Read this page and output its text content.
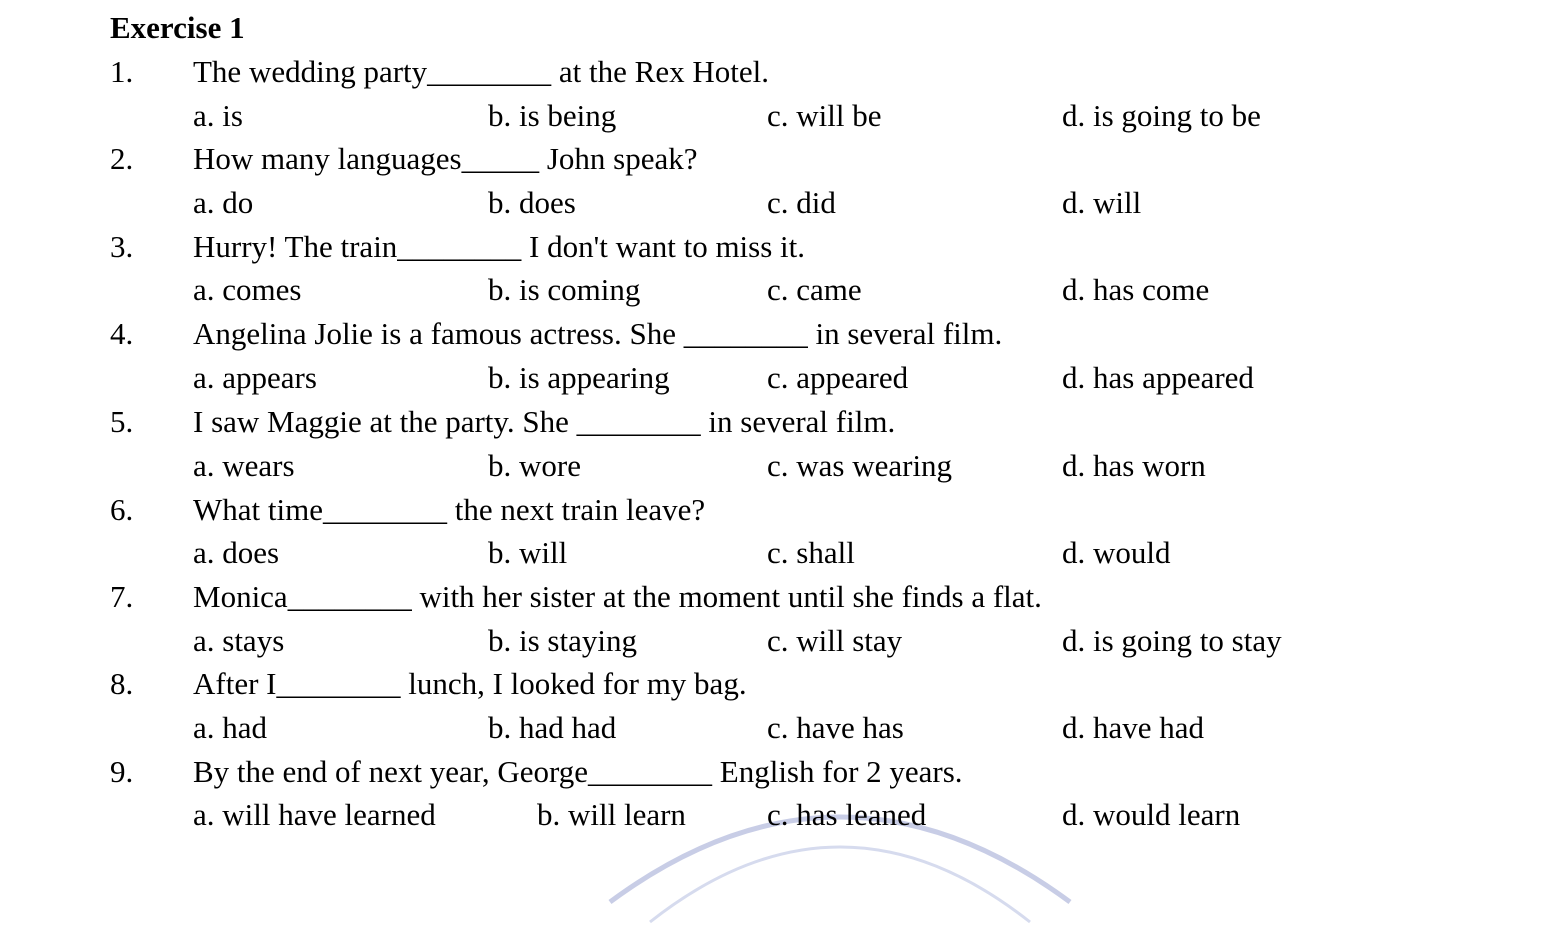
Exercise 1
1. The wedding party________ at the Rex Hotel.
a. is	b. is being	c. will be	d. is going to be
2. How many languages_____ John speak?
a. do	b. does	c. did	d. will
3. Hurry! The train________ I don't want to miss it.
a. comes	b. is coming	c. came	d. has come
4. Angelina Jolie is a famous actress. She ________ in several film.
a. appears	b. is appearing	c. appeared	d. has appeared
5. I saw Maggie at the party. She ________ in several film.
a. wears	b. wore	c. was wearing	d. has worn
6. What time________ the next train leave?
a. does	b. will	c. shall	d. would
7. Monica________ with her sister at the moment until she finds a flat.
a. stays	b. is staying	c. will stay	d. is going to stay
8. After I________ lunch, I looked for my bag.
a. had	b. had had	c. have has	d. have had
9. By the end of next year, George________ English for 2 years.
a. will have learned	b. will learn	c. has leaned	d. would learn
